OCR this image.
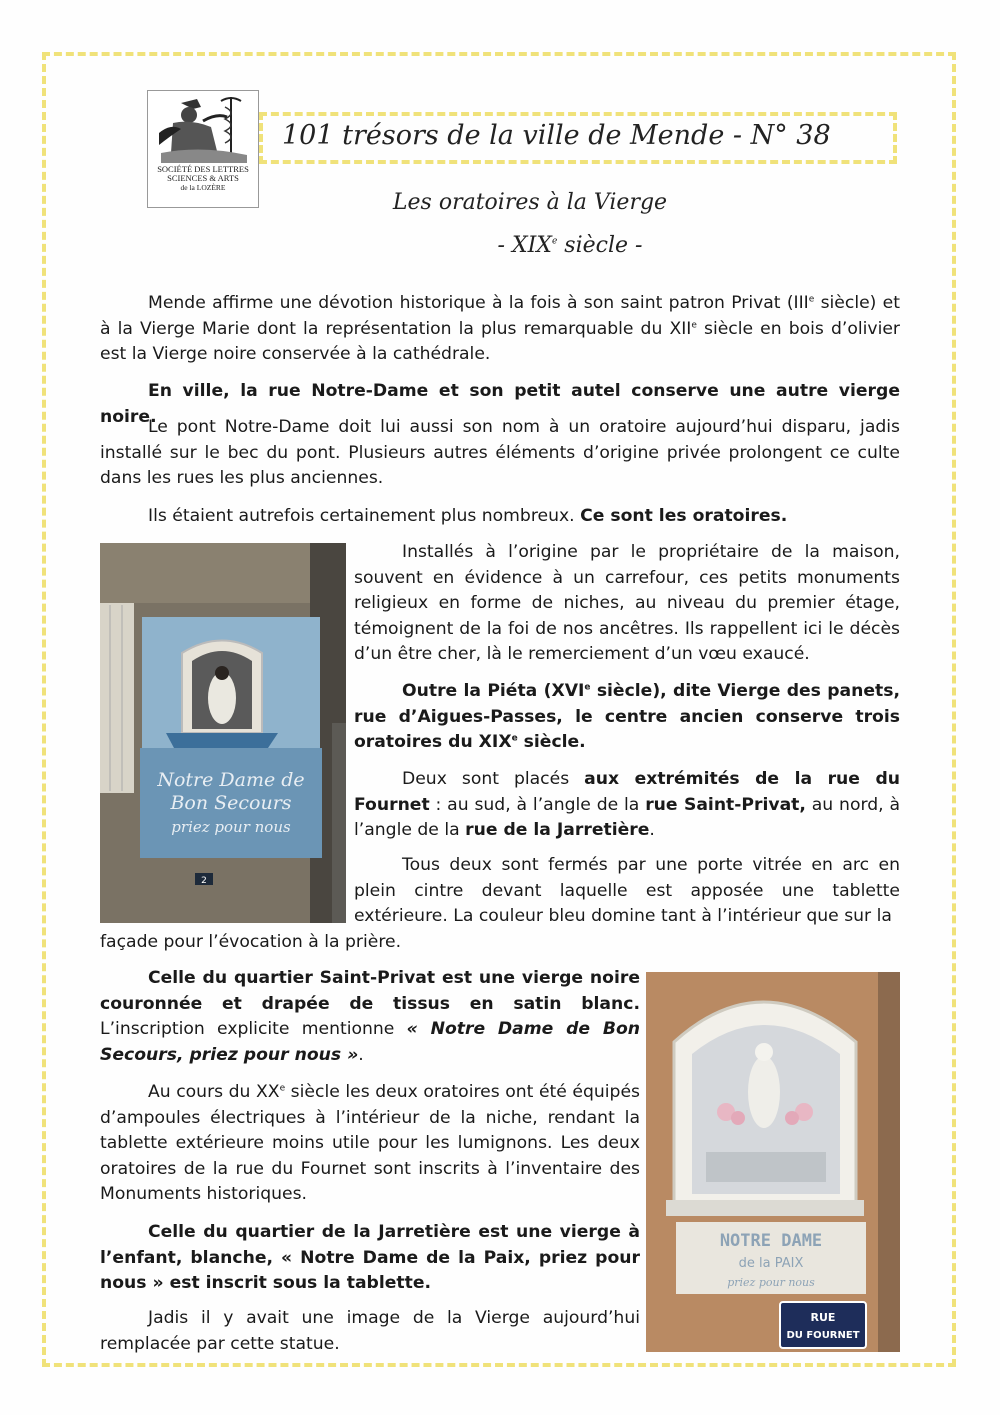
SOCIÉTÉ DES LETTRES
SCIENCES & ARTS
de la LOZÈRE
101 trésors de la ville de Mende - N° 38
Les oratoires à la Vierge
- XIXe siècle -

Mende affirme une dévotion historique à la fois à son saint patron Privat (IIIe siècle) et à la Vierge Marie dont la représentation la plus remarquable du XIIe siècle en bois d’olivier est la Vierge noire conservée à la cathédrale.

En ville, la rue Notre-Dame et son petit autel conserve une autre vierge noire.

Le pont Notre-Dame doit lui aussi son nom à un oratoire aujourd’hui disparu, jadis installé sur le bec du pont. Plusieurs autres éléments d’origine privée prolongent ce culte dans les rues les plus anciennes.

Ils étaient autrefois certainement plus nombreux. Ce sont les oratoires.

2
Notre Dame de
Bon Secours
priez pour nous

Installés à l’origine par le propriétaire de la maison, souvent en évidence à un carrefour, ces petits monuments religieux en forme de niches, au niveau du premier étage, témoignent de la foi de nos ancêtres. Ils rappellent ici le décès d’un être cher, là le remerciement d’un vœu exaucé.

Outre la Piéta (XVIe siècle), dite Vierge des panets, rue d’Aigues-Passes, le centre ancien conserve trois oratoires du XIXe siècle.

Deux sont placés aux extrémités de la rue du Fournet : au sud, à l’angle de la rue Saint-Privat, au nord, à l’angle de la rue de la Jarretière.

Tous deux sont fermés par une porte vitrée en arc en plein cintre devant laquelle est apposée une tablette extérieure. La couleur bleu domine tant à l’intérieur que sur la

façade pour l’évocation à la prière.

NOTRE DAME
de la PAIX
priez pour nous
RUE
DU FOURNET

Celle du quartier Saint-Privat est une vierge noire couronnée et drapée de tissus en satin blanc. L’inscription explicite mentionne « Notre Dame de Bon Secours, priez pour nous ».

Au cours du XXe siècle les deux oratoires ont été équipés d’ampoules électriques à l’intérieur de la niche, rendant la tablette extérieure moins utile pour les lumignons. Les deux oratoires de la rue du Fournet sont inscrits à l’inventaire des Monuments historiques.

Celle du quartier de la Jarretière est une vierge à l’enfant, blanche, « Notre Dame de la Paix, priez pour nous » est inscrit sous la tablette.

Jadis il y avait une image de la Vierge aujourd’hui remplacée par cette statue.
